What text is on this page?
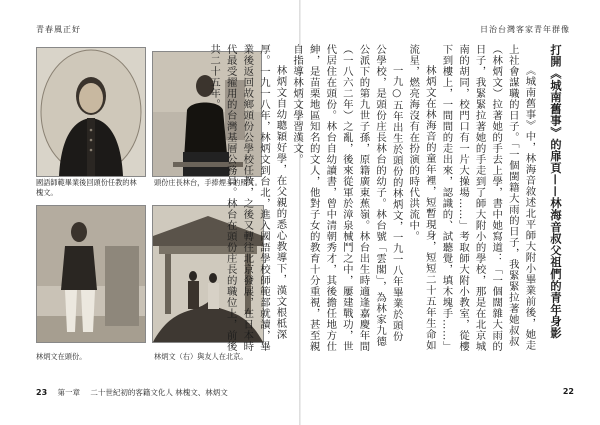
青春風正好
國語師範畢業後回頭份任教的林
槐文。
頭份庄長林台，手捧煙斗的照片。
林炳文在頭份。	林炳文（右）與友人在北京。
23 第一章 二十世紀初的客籍文化人 林槐文、林炳文
日治台灣客家青年群像

打開《城南舊事》的扉頁——林海音叔父祖們的青年身影

《城南舊事》中，林海音敘述北平師大附小畢業前後，她走上社會謀職的日子。「一個閩籍大雨的日子，我緊緊拉著她叔叔（林炳文）拉著她的手去上學，書中她寫道：「一個闊雜大雨的日子，我緊緊拉著她的手走到了師大附小的學校，那是在北京城南的胡同，校門口有一片大操場……」考取師大附小教室，從樓下到樓上，一間間的走出來，認識的、試聽覺，填木塊手……」

林炳文在林海音的童年裡，短暫現身，短短二十五年生命如流星，燃亮海沒有在扮演的時代洪流中。

一九○五年出生於頭份的林炳文，一九一八年畢業於頭份公學校，是頭份庄長林台的幼子。林台號「雲閣」，為林家九德公派下的第九世子孫，原籍廣東蕉嶺。林台出生時適逢嘉慶年間（一八六二年）之亂，後來從軍於漳泉械鬥之中，屢建戰功，世代居住在頭份。林台自幼讀書，曾中清朝秀才，其後擔任地方仕紳，是苗栗地區知名的文人，他對子女的教育十分重視，甚至親自指導林炳文學習漢文。

林炳文自幼聰穎好學，在父親的悉心教導下，漢文根柢深厚。一九一八年，林炳文到台北，進入國語學校師範部就讀，畢業後返回故鄉頭份公學校任教，之後又轉往北京發展，在日本時代最受擢用的台灣基層公務員。林台在頭份庄長的職位上，前後共二十五年。

22
